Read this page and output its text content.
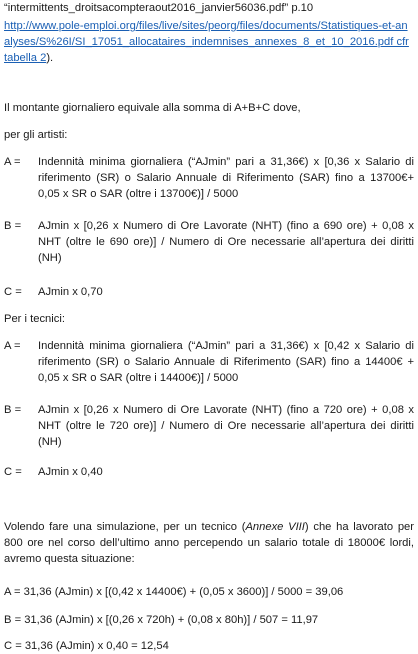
“intermittents_droitsacompteraout2016_janvier56036.pdf” p.10

http://www.pole-emploi.org/files/live/sites/peorg/files/documents/Statistiques-et-analyses/S%26I/SI_17051_allocataires_indemnises_annexes_8_et_10_2016.pdf cfr tabella 2).

Il montante giornaliero equivale alla somma di A+B+C dove,

per gli artisti:

A =	Indennità minima giornaliera (“AJmin” pari a 31,36€) x [0,36 x Salario di riferimento (SR) o Salario Annuale di Riferimento (SAR) fino a 13700€+ 0,05 x SR o SAR (oltre i 13700€)] / 5000
B =	AJmin x [0,26 x Numero di Ore Lavorate (NHT) (fino a 690 ore) + 0,08 x NHT (oltre le 690 ore)] / Numero di Ore necessarie all’apertura dei diritti (NH)
C =	AJmin x 0,70

Per i tecnici:

A =	Indennità minima giornaliera (“AJmin” pari a 31,36€) x [0,42 x Salario di riferimento (SR) o Salario Annuale di Riferimento (SAR) fino a 14400€ + 0,05 x SR o SAR (oltre i 14400€)] / 5000
B =	AJmin x [0,26 x Numero di Ore Lavorate (NHT) (fino a 720 ore) + 0,08 x NHT (oltre le 720 ore)] / Numero di Ore necessarie all’apertura dei diritti (NH)
C =	AJmin x 0,40

Volendo fare una simulazione, per un tecnico (Annexe VIII) che ha lavorato per 800 ore nel corso dell’ultimo anno percependo un salario totale di 18000€ lordi, avremo questa situazione:

A = 31,36 (AJmin) x [(0,42 x 14400€) + (0,05 x 3600)] / 5000 = 39,06

B = 31,36 (AJmin) x [(0,26 x 720h) + (0,08 x 80h)] / 507 = 11,97

C = 31,36 (AJmin) x 0,40 = 12,54
